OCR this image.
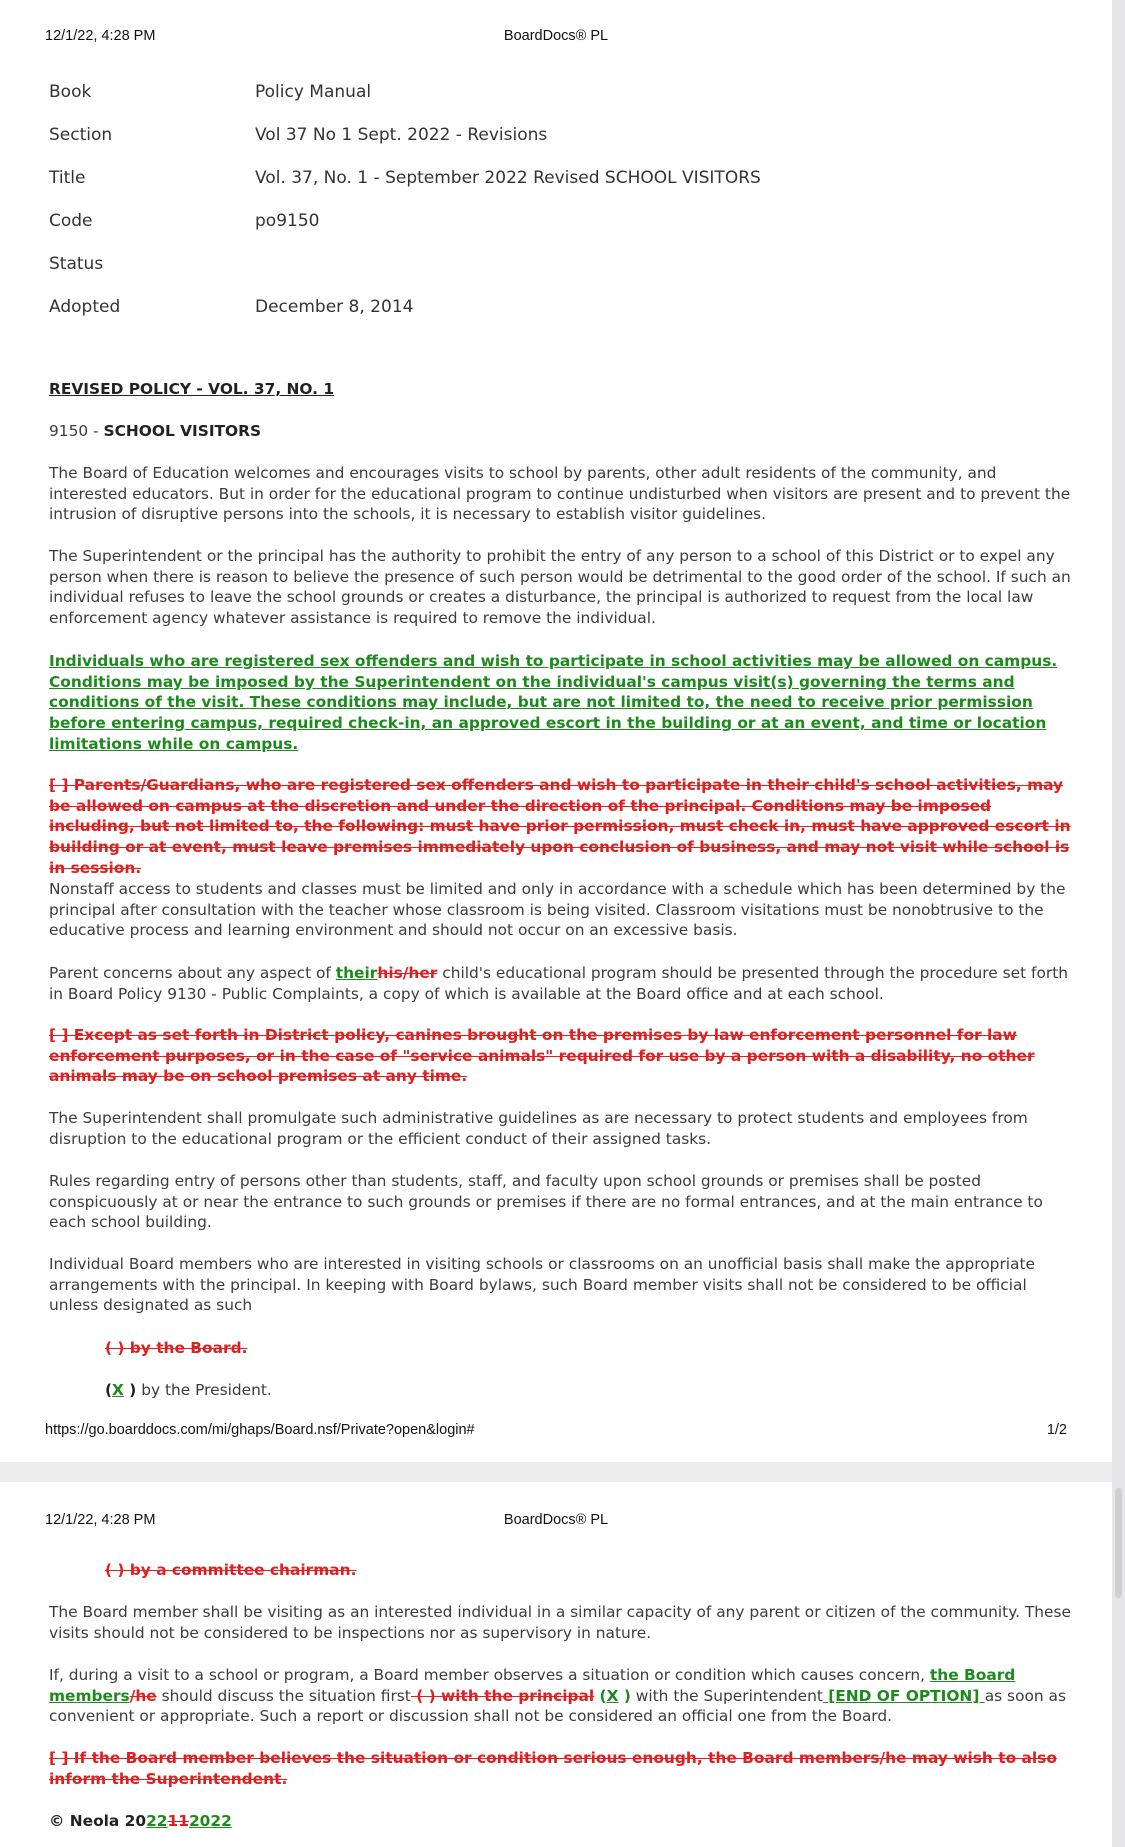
12/1/22, 4:28 PM	BoardDocs® PL
Book	Policy Manual
Section	Vol 37 No 1 Sept. 2022 - Revisions
Title	Vol. 37, No. 1 - September 2022 Revised SCHOOL VISITORS
Code	po9150
Status
Adopted	December 8, 2014

REVISED POLICY - VOL. 37, NO. 1

9150 - SCHOOL VISITORS

The Board of Education welcomes and encourages visits to school by parents, other adult residents of the community, and interested educators. But in order for the educational program to continue undisturbed when visitors are present and to prevent the intrusion of disruptive persons into the schools, it is necessary to establish visitor guidelines.

The Superintendent or the principal has the authority to prohibit the entry of any person to a school of this District or to expel any person when there is reason to believe the presence of such person would be detrimental to the good order of the school. If such an individual refuses to leave the school grounds or creates a disturbance, the principal is authorized to request from the local law enforcement agency whatever assistance is required to remove the individual.

Individuals who are registered sex offenders and wish to participate in school activities may be allowed on campus. Conditions may be imposed by the Superintendent on the individual's campus visit(s) governing the terms and conditions of the visit. These conditions may include, but are not limited to, the need to receive prior permission before entering campus, required check-in, an approved escort in the building or at an event, and time or location limitations while on campus.

[ ] Parents/Guardians, who are registered sex offenders and wish to participate in their child's school activities, may be allowed on campus at the discretion and under the direction of the principal. Conditions may be imposed including, but not limited to, the following: must have prior permission, must check in, must have approved escort in building or at event, must leave premises immediately upon conclusion of business, and may not visit while school is in session.

Nonstaff access to students and classes must be limited and only in accordance with a schedule which has been determined by the principal after consultation with the teacher whose classroom is being visited. Classroom visitations must be nonobtrusive to the educative process and learning environment and should not occur on an excessive basis.

Parent concerns about any aspect of theirhis/her child's educational program should be presented through the procedure set forth in Board Policy 9130 - Public Complaints, a copy of which is available at the Board office and at each school.

[ ] Except as set forth in District policy, canines brought on the premises by law enforcement personnel for law enforcement purposes, or in the case of "service animals" required for use by a person with a disability, no other animals may be on school premises at any time.

The Superintendent shall promulgate such administrative guidelines as are necessary to protect students and employees from disruption to the educational program or the efficient conduct of their assigned tasks.

Rules regarding entry of persons other than students, staff, and faculty upon school grounds or premises shall be posted conspicuously at or near the entrance to such grounds or premises if there are no formal entrances, and at the main entrance to each school building.

Individual Board members who are interested in visiting schools or classrooms on an unofficial basis shall make the appropriate arrangements with the principal. In keeping with Board bylaws, such Board member visits shall not be considered to be official unless designated as such

( ) by the Board.

(X ) by the President.

https://go.boarddocs.com/mi/ghaps/Board.nsf/Private?open&login#	1/2
12/1/22, 4:28 PM	BoardDocs® PL

( ) by a committee chairman.

The Board member shall be visiting as an interested individual in a similar capacity of any parent or citizen of the community. These visits should not be considered to be inspections nor as supervisory in nature.

If, during a visit to a school or program, a Board member observes a situation or condition which causes concern, the Board members/he should discuss the situation first ( ) with the principal (X ) with the Superintendent [END OF OPTION] as soon as convenient or appropriate. Such a report or discussion shall not be considered an official one from the Board.

[ ] If the Board member believes the situation or condition serious enough, the Board members/he may wish to also inform the Superintendent.

© Neola 2022112022
